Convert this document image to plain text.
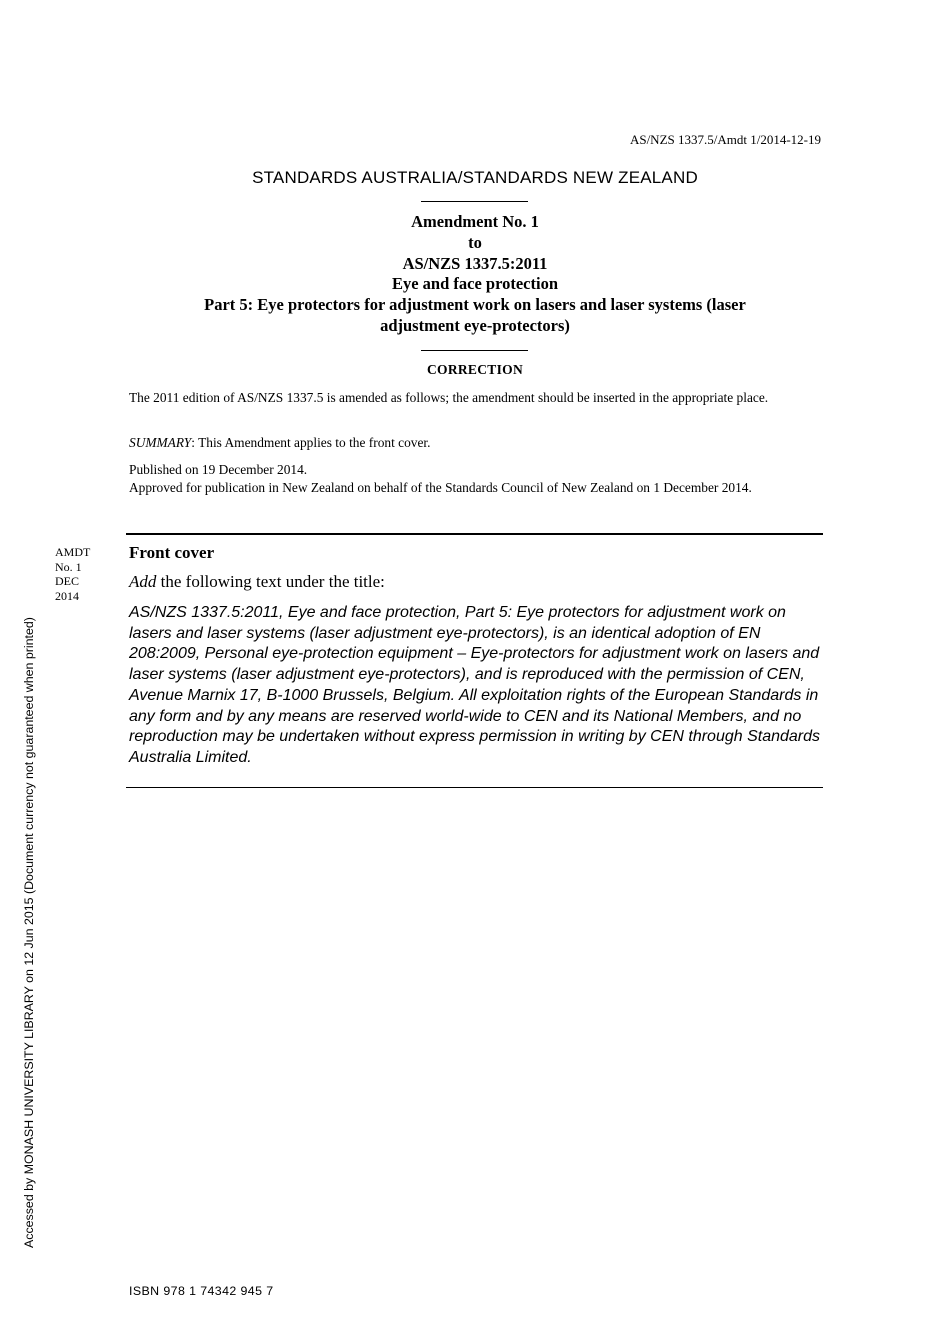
AS/NZS 1337.5/Amdt 1/2014-12-19
STANDARDS AUSTRALIA/STANDARDS NEW ZEALAND
Amendment No. 1
to
AS/NZS 1337.5:2011
Eye and face protection
Part 5: Eye protectors for adjustment work on lasers and laser systems (laser
adjustment eye-protectors)
CORRECTION
The 2011 edition of AS/NZS 1337.5 is amended as follows; the amendment should be inserted in the appropriate place.
SUMMARY: This Amendment applies to the front cover.
Published on 19 December 2014.
Approved for publication in New Zealand on behalf of the Standards Council of New Zealand on 1 December 2014.
AMDT
No. 1
DEC
2014
Front cover
Add the following text under the title:
AS/NZS 1337.5:2011, Eye and face protection, Part 5: Eye protectors for adjustment work on lasers and laser systems (laser adjustment eye-protectors), is an identical adoption of EN 208:2009, Personal eye-protection equipment – Eye-protectors for adjustment work on lasers and laser systems (laser adjustment eye-protectors), and is reproduced with the permission of CEN, Avenue Marnix 17, B-1000 Brussels, Belgium. All exploitation rights of the European Standards in any form and by any means are reserved world-wide to CEN and its National Members, and no reproduction may be undertaken without express permission in writing by CEN through Standards Australia Limited.
Accessed by MONASH UNIVERSITY LIBRARY on 12 Jun 2015 (Document currency not guaranteed when printed)
ISBN 978 1 74342 945 7
